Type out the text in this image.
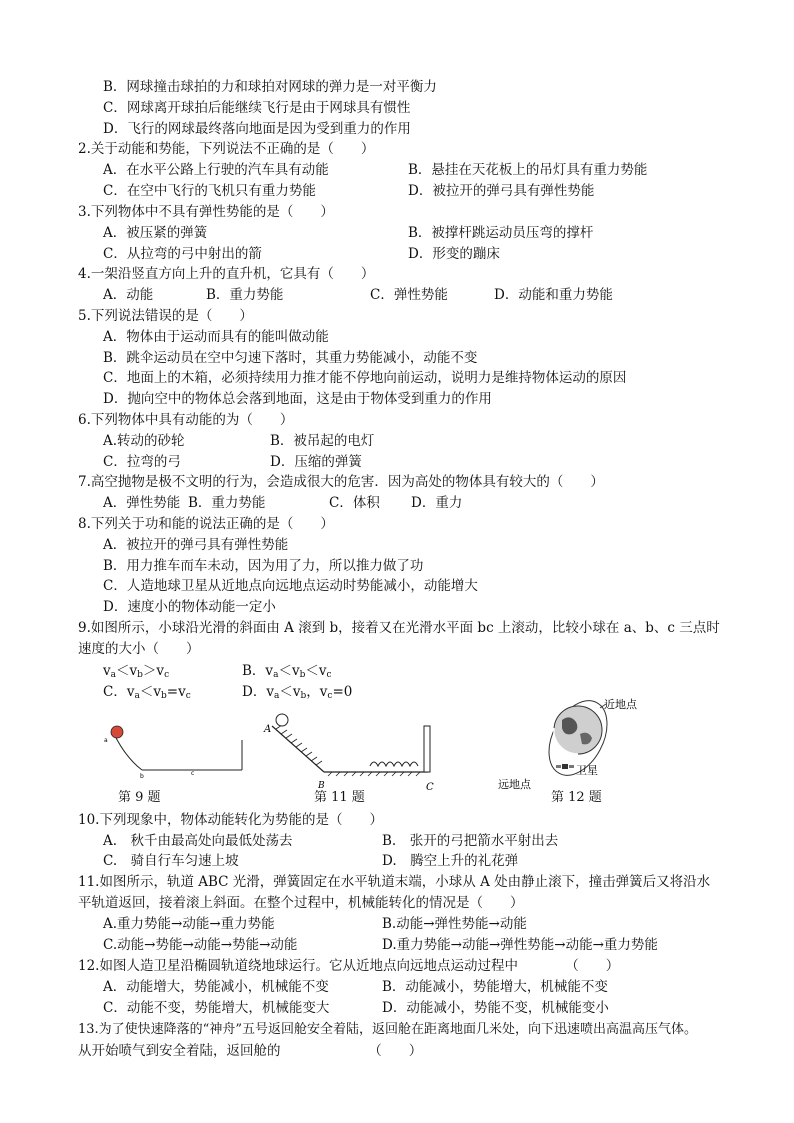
B．网球撞击球拍的力和球拍对网球的弹力是一对平衡力
C．网球离开球拍后能继续飞行是由于网球具有惯性
D．飞行的网球最终落向地面是因为受到重力的作用
2.关于动能和势能，下列说法不正确的是（　　）
A．在水平公路上行驶的汽车具有动能	B．悬挂在天花板上的吊灯具有重力势能
C．在空中飞行的飞机只有重力势能	D．被拉开的弹弓具有弹性势能
3.下列物体中不具有弹性势能的是（　　）
A．被压紧的弹簧	B．被撑杆跳运动员压弯的撑杆
C．从拉弯的弓中射出的箭	D．形变的蹦床
4.一架沿竖直方向上升的直升机，它具有（　　）
A．动能	B．重力势能	C．弹性势能	D．动能和重力势能
5.下列说法错误的是（　　）
A．物体由于运动而具有的能叫做动能
B．跳伞运动员在空中匀速下落时，其重力势能减小，动能不变
C．地面上的木箱，必须持续用力推才能不停地向前运动，说明力是维持物体运动的原因
D．抛向空中的物体总会落到地面，这是由于物体受到重力的作用
6.下列物体中具有动能的为（　　）
A.转动的砂轮	B．被吊起的电灯
C．拉弯的弓	D．压缩的弹簧
7.高空抛物是极不文明的行为，会造成很大的危害．因为高处的物体具有较大的（　　）
A．弹性势能 B．重力势能	C．体积 D．重力
8.下列关于功和能的说法正确的是（　　）
A．被拉开的弹弓具有弹性势能
B．用力推车而车未动，因为用了力，所以推力做了功
C．人造地球卫星从近地点向远地点运动时势能减小，动能增大
D．速度小的物体动能一定小
9.如图所示，小球沿光滑的斜面由 A 滚到 b，接着又在光滑水平面 bc 上滚动，比较小球在 a、b、c 三点时
速度的大小（　　）
$v_a<v_b>v_c$	B．$v_a<v_b<v_c$
C．$v_a<v_b=v_c$	D．$v_a<v_b$，$v_c=0$
a
b	c
第 9 题
A
B	C
第 11 题
近地点
卫星
远地点
第 12 题
10.下列现象中，物体动能转化为势能的是（　　）
A.　秋千由最高处向最低处荡去	B.　张开的弓把箭水平射出去
C.　骑自行车匀速上坡	D.　腾空上升的礼花弹
11.如图所示，轨道 ABC 光滑，弹簧固定在水平轨道末端，小球从 A 处由静止滚下，撞击弹簧后又将沿水
平轨道返回，接着滚上斜面。在整个过程中，机械能转化的情况是（　　）
A.重力势能→动能→重力势能	B.动能→弹性势能→动能
C.动能→势能→动能→势能→动能	D.重力势能→动能→弹性势能→动能→重力势能
12.如图人造卫星沿椭圆轨道绕地球运行。它从近地点向远地点运动过程中　　　　（　　）
A．动能增大，势能减小，机械能不变	B．动能减小，势能增大，机械能不变
C．动能不变，势能增大，机械能变大	D．动能减小，势能不变，机械能变小
13.为了使快速降落的“神舟”五号返回舱安全着陆，返回舱在距离地面几米处，向下迅速喷出高温高压气体。
从开始喷气到安全着陆，返回舱的　　　　　　　（　　）
